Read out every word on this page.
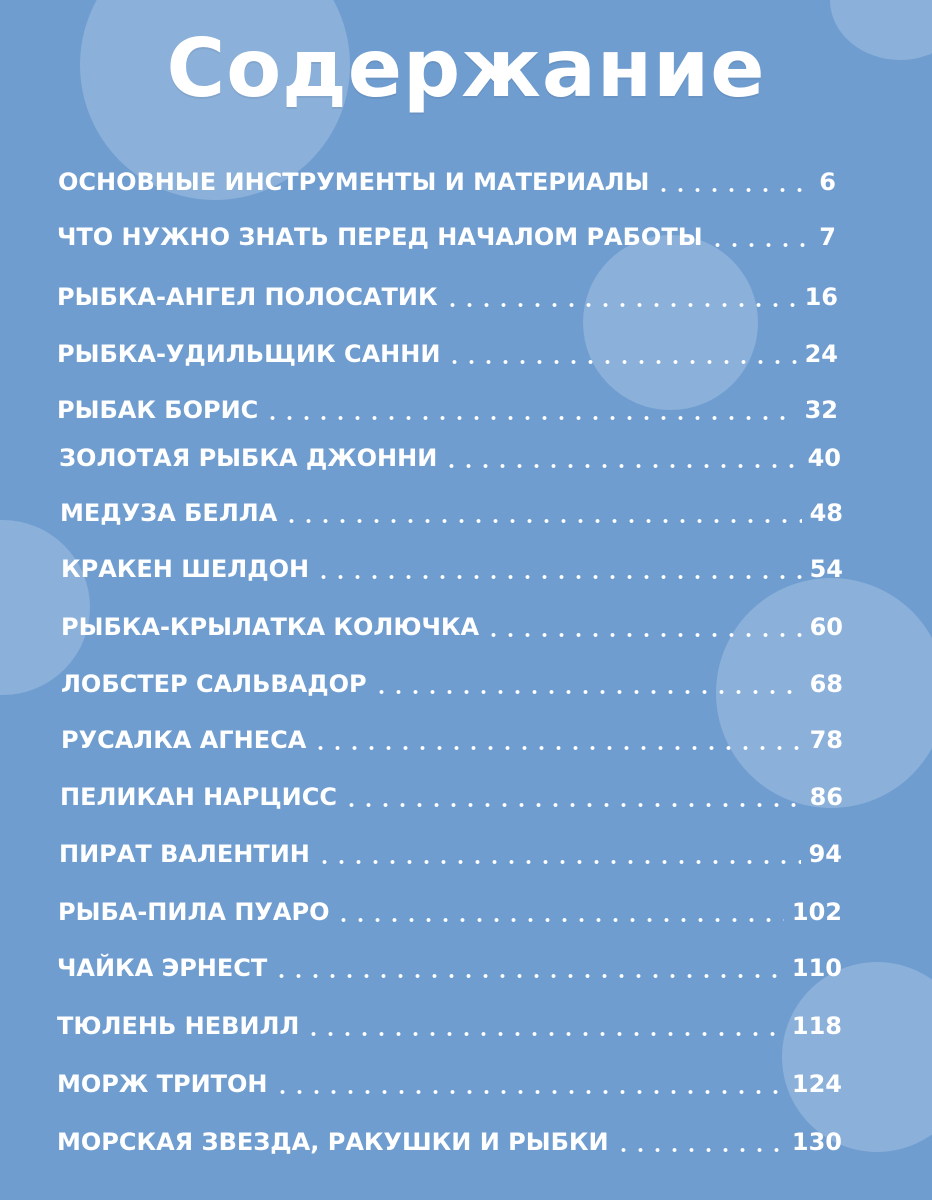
Содержание
ОСНОВНЫЕ ИНСТРУМЕНТЫ И МАТЕРИАЛЫ	6
ЧТО НУЖНО ЗНАТЬ ПЕРЕД НАЧАЛОМ РАБОТЫ	7
РЫБКА-АНГЕЛ ПОЛОСАТИК	16
РЫБКА-УДИЛЬЩИК САННИ	24
РЫБАК БОРИС	32
ЗОЛОТАЯ РЫБКА ДЖОННИ	40
МЕДУЗА БЕЛЛА	48
КРАКЕН ШЕЛДОН	54
РЫБКА-КРЫЛАТКА КОЛЮЧКА	60
ЛОБСТЕР САЛЬВАДОР	68
РУСАЛКА АГНЕСА	78
ПЕЛИКАН НАРЦИСС	86
ПИРАТ ВАЛЕНТИН	94
РЫБА-ПИЛА ПУАРО	102
ЧАЙКА ЭРНЕСТ	110
ТЮЛЕНЬ НЕВИЛЛ	118
МОРЖ ТРИТОН	124
МОРСКАЯ ЗВЕЗДА, РАКУШКИ И РЫБКИ	130
